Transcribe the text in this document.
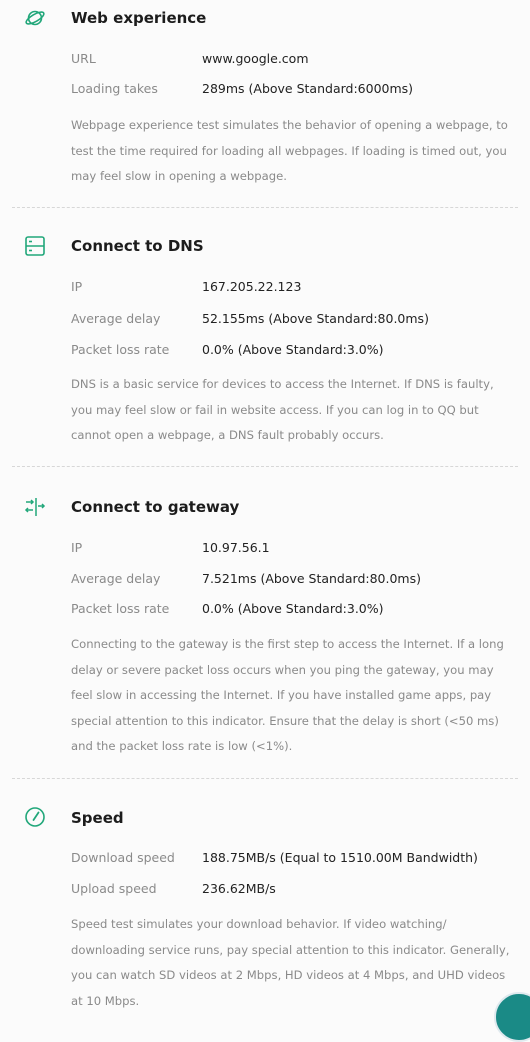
Web experience
URL	www.google.com
Loading takes	289ms (Above Standard:6000ms)
Webpage experience test simulates the behavior of opening a webpage, to test the time required for loading all webpages. If loading is timed out, you may feel slow in opening a webpage.
Connect to DNS
IP	167.205.22.123
Average delay	52.155ms (Above Standard:80.0ms)
Packet loss rate	0.0% (Above Standard:3.0%)
DNS is a basic service for devices to access the Internet. If DNS is faulty, you may feel slow or fail in website access. If you can log in to QQ but cannot open a webpage, a DNS fault probably occurs.
Connect to gateway
IP	10.97.56.1
Average delay	7.521ms (Above Standard:80.0ms)
Packet loss rate	0.0% (Above Standard:3.0%)
Connecting to the gateway is the first step to access the Internet. If a long delay or severe packet loss occurs when you ping the gateway, you may feel slow in accessing the Internet. If you have installed game apps, pay special attention to this indicator. Ensure that the delay is short (<50 ms) and the packet loss rate is low (<1%).
Speed
Download speed 188.75MB/s (Equal to 1510.00M Bandwidth)
Upload speed	236.62MB/s
Speed test simulates your download behavior. If video watching/ downloading service runs, pay special attention to this indicator. Generally, you can watch SD videos at 2 Mbps, HD videos at 4 Mbps, and UHD videos at 10 Mbps.
